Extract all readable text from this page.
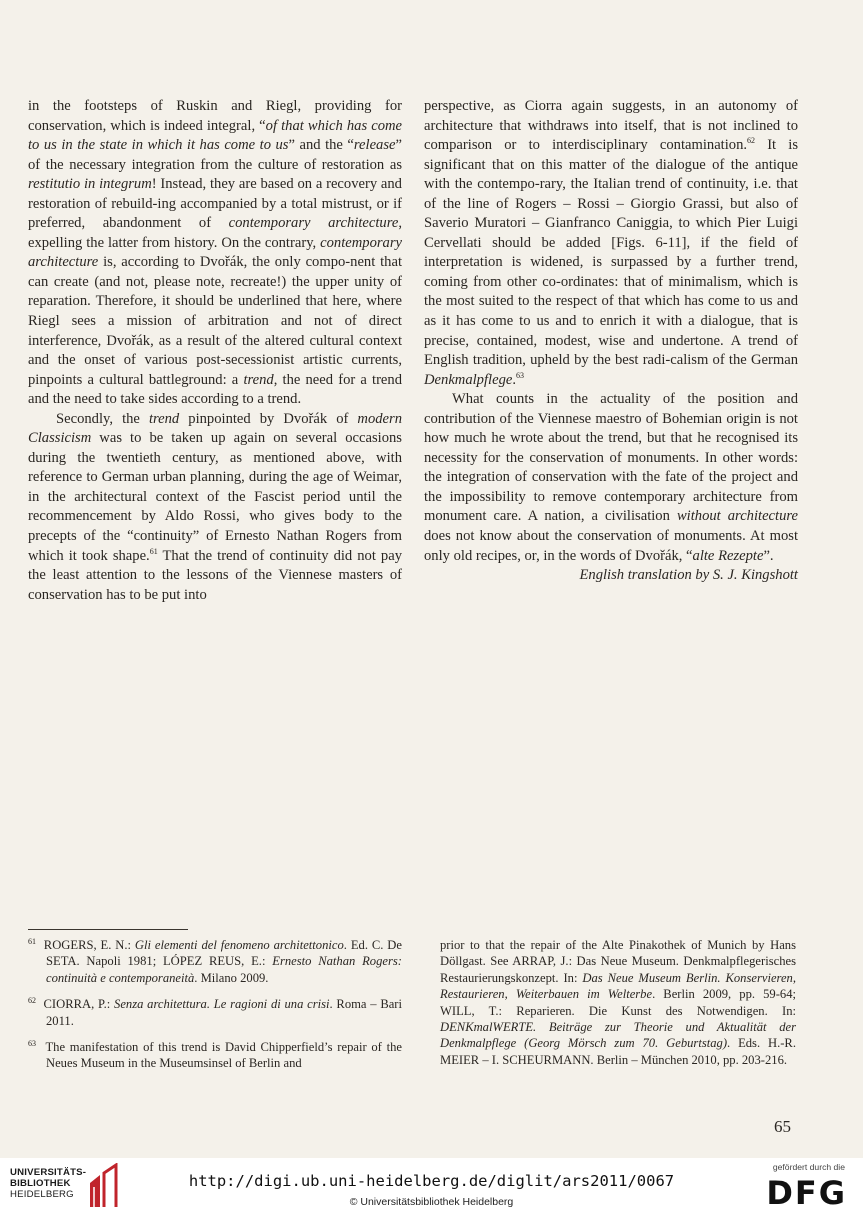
in the footsteps of Ruskin and Riegl, providing for conservation, which is indeed integral, “of that which has come to us in the state in which it has come to us” and the “release” of the necessary integration from the culture of restoration as restitutio in integrum! Instead, they are based on a recovery and restoration of rebuild-ing accompanied by a total mistrust, or if preferred, abandonment of contemporary architecture, expelling the latter from history. On the contrary, contemporary architecture is, according to Dvořák, the only compo-nent that can create (and not, please note, recreate!) the upper unity of reparation. Therefore, it should be underlined that here, where Riegl sees a mission of arbitration and not of direct interference, Dvořák, as a result of the altered cultural context and the onset of various post-secessionist artistic currents, pinpoints a cultural battleground: a trend, the need for a trend and the need to take sides according to a trend.

Secondly, the trend pinpointed by Dvořák of modern Classicism was to be taken up again on several occasions during the twentieth century, as mentioned above, with reference to German urban planning, during the age of Weimar, in the architectural context of the Fascist period until the recommencement by Aldo Rossi, who gives body to the precepts of the “continuity” of Ernesto Nathan Rogers from which it took shape.$^{61}$ That the trend of continuity did not pay the least attention to the lessons of the Viennese masters of conservation has to be put into

perspective, as Ciorra again suggests, in an autonomy of architecture that withdraws into itself, that is not inclined to comparison or to interdisciplinary contamination.$^{62}$ It is significant that on this matter of the dialogue of the antique with the contempo-rary, the Italian trend of continuity, i.e. that of the line of Rogers – Rossi – Giorgio Grassi, but also of Saverio Muratori – Gianfranco Caniggia, to which Pier Luigi Cervellati should be added [Figs. 6-11], if the field of interpretation is widened, is surpassed by a further trend, coming from other co-ordinates: that of minimalism, which is the most suited to the respect of that which has come to us and as it has come to us and to enrich it with a dialogue, that is precise, contained, modest, wise and undertone. A trend of English tradition, upheld by the best radi-calism of the German Denkmalpflege.$^{63}$

What counts in the actuality of the position and contribution of the Viennese maestro of Bohemian origin is not how much he wrote about the trend, but that he recognised its necessity for the conservation of monuments. In other words: the integration of conservation with the fate of the project and the impossibility to remove contemporary architecture from monument care. A nation, a civilisation without architecture does not know about the conservation of monuments. At most only old recipes, or, in the words of Dvořák, “alte Rezepte”.

English translation by S. J. Kingshott

$^{61}$  ROGERS, E. N.: Gli elementi del fenomeno architettonico. Ed. C. De SETA. Napoli 1981; LÓPEZ REUS, E.: Ernesto Nathan Rogers: continuità e contemporaneità. Milano 2009.

$^{62}$  CIORRA, P.: Senza architettura. Le ragioni di una crisi. Roma – Bari 2011.

$^{63}$  The manifestation of this trend is David Chipperfield’s repair of the Neues Museum in the Museumsinsel of Berlin and

prior to that the repair of the Alte Pinakothek of Munich by Hans Döllgast. See ARRAP, J.: Das Neue Museum. Denkmalpflegerisches Restaurierungskonzept. In: Das Neue Museum Berlin. Konservieren, Restaurieren, Weiterbauen im Welterbe. Berlin 2009, pp. 59-64; WILL, T.: Reparieren. Die Kunst des Notwendigen. In: DENKmalWERTE. Beiträge zur Theorie und Aktualität der Denkmalpflege (Georg Mörsch zum 70. Geburtstag). Eds. H.-R. MEIER – I. SCHEURMANN. Berlin – München 2010, pp. 203-216.

65
UNIVERSITÄTS-
BIBLIOTHEK
HEIDELBERG
http://digi.ub.uni-heidelberg.de/diglit/ars2011/0067
© Universitätsbibliothek Heidelberg
gefördert durch die
DFG
